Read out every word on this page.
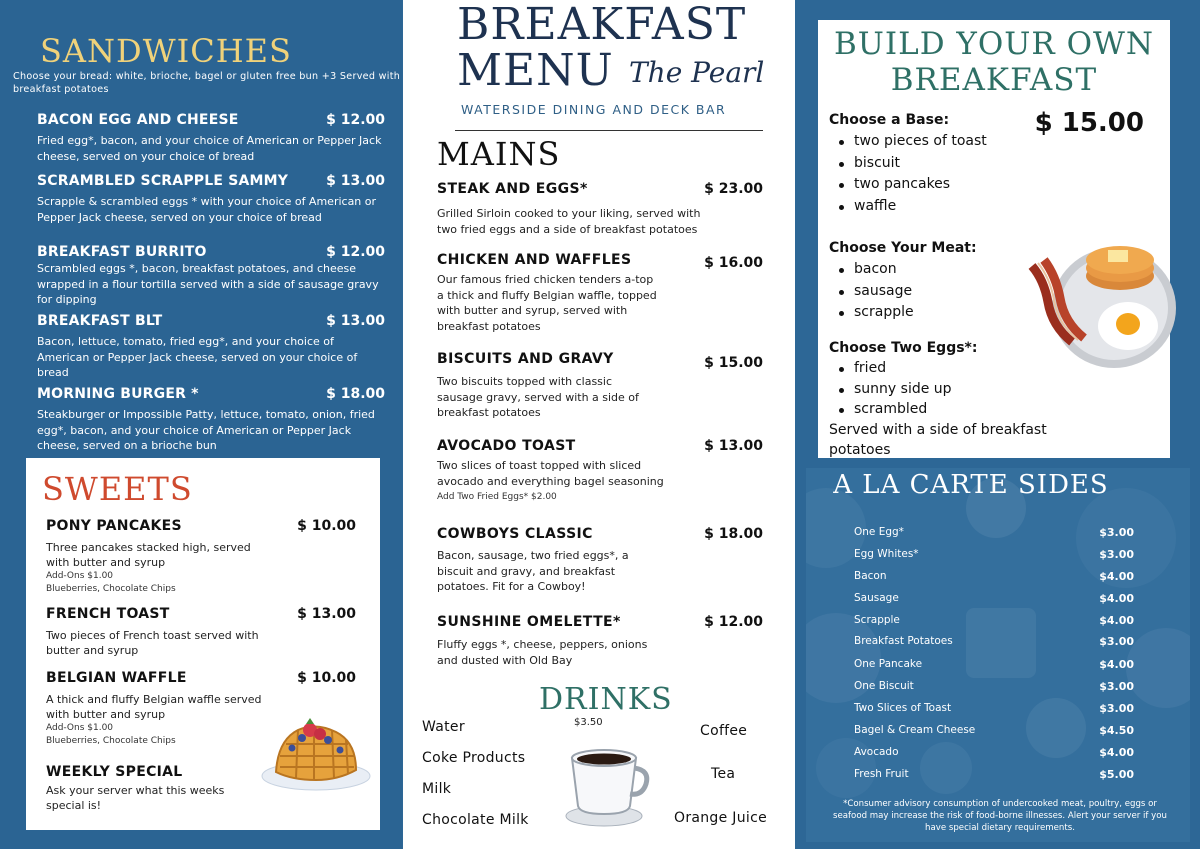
SANDWICHES
Choose your bread: white, brioche, bagel or gluten free bun +3 Served with breakfast potatoes
BACON EGG AND CHEESE	$ 12.00
Fried egg*, bacon, and your choice of American or Pepper Jack cheese, served on your choice of bread
SCRAMBLED SCRAPPLE SAMMY	$ 13.00
Scrapple & scrambled eggs * with your choice of American or Pepper Jack cheese, served on your choice of bread
BREAKFAST BURRITO	$ 12.00
Scrambled eggs *, bacon, breakfast potatoes, and cheese wrapped in a flour tortilla served with a side of sausage gravy for dipping
BREAKFAST BLT	$ 13.00
Bacon, lettuce, tomato, fried egg*, and your choice of American or Pepper Jack cheese, served on your choice of bread
MORNING BURGER *	$ 18.00
Steakburger or Impossible Patty, lettuce, tomato, onion, fried egg*, bacon, and your choice of American or Pepper Jack cheese, served on a brioche bun
SWEETS
PONY PANCAKES	$ 10.00
Three pancakes stacked high, served with butter and syrup
Add-Ons $1.00
Blueberries, Chocolate Chips
FRENCH TOAST	$ 13.00
Two pieces of French toast served with butter and syrup
BELGIAN WAFFLE	$ 10.00
A thick and fluffy Belgian waffle served with butter and syrup
Add-Ons $1.00
Blueberries, Chocolate Chips
WEEKLY SPECIAL
Ask your server what this weeks special is!
BREAKFAST
MENU The Pearl
WATERSIDE DINING AND DECK BAR
MAINS
STEAK AND EGGS*	$ 23.00
Grilled Sirloin cooked to your liking, served with two fried eggs and a side of breakfast potatoes
CHICKEN AND WAFFLES	$ 16.00
Our famous fried chicken tenders a-top a thick and fluffy Belgian waffle, topped with butter and syrup, served with breakfast potatoes
BISCUITS AND GRAVY	$ 15.00
Two biscuits topped with classic sausage gravy, served with a side of breakfast potatoes
AVOCADO TOAST	$ 13.00
Two slices of toast topped with sliced avocado and everything bagel seasoning
Add Two Fried Eggs* $2.00
COWBOYS CLASSIC	$ 18.00
Bacon, sausage, two fried eggs*, a biscuit and gravy, and breakfast potatoes. Fit for a Cowboy!
SUNSHINE OMELETTE*	$ 12.00
Fluffy eggs *, cheese, peppers, onions and dusted with Old Bay
DRINKS
$3.50
Water
Coke Products
Milk
Chocolate Milk
Coffee
Tea
Orange Juice
BUILD YOUR OWN
BREAKFAST
$ 15.00
Choose a Base:
two pieces of toast
biscuit
two pancakes
waffle
Choose Your Meat:
bacon
sausage
scrapple
Choose Two Eggs*:
fried
sunny side up
scrambled
Served with a side of breakfast potatoes
A LA CARTE SIDES
One Egg*	$3.00
Egg Whites*	$3.00
Bacon	$4.00
Sausage	$4.00
Scrapple	$4.00
Breakfast Potatoes	$3.00
One Pancake	$4.00
One Biscuit	$3.00
Two Slices of Toast	$3.00
Bagel & Cream Cheese	$4.50
Avocado	$4.00
Fresh Fruit	$5.00
*Consumer advisory consumption of undercooked meat, poultry, eggs or seafood may increase the risk of food-borne illnesses. Alert your server if you have special dietary requirements.
